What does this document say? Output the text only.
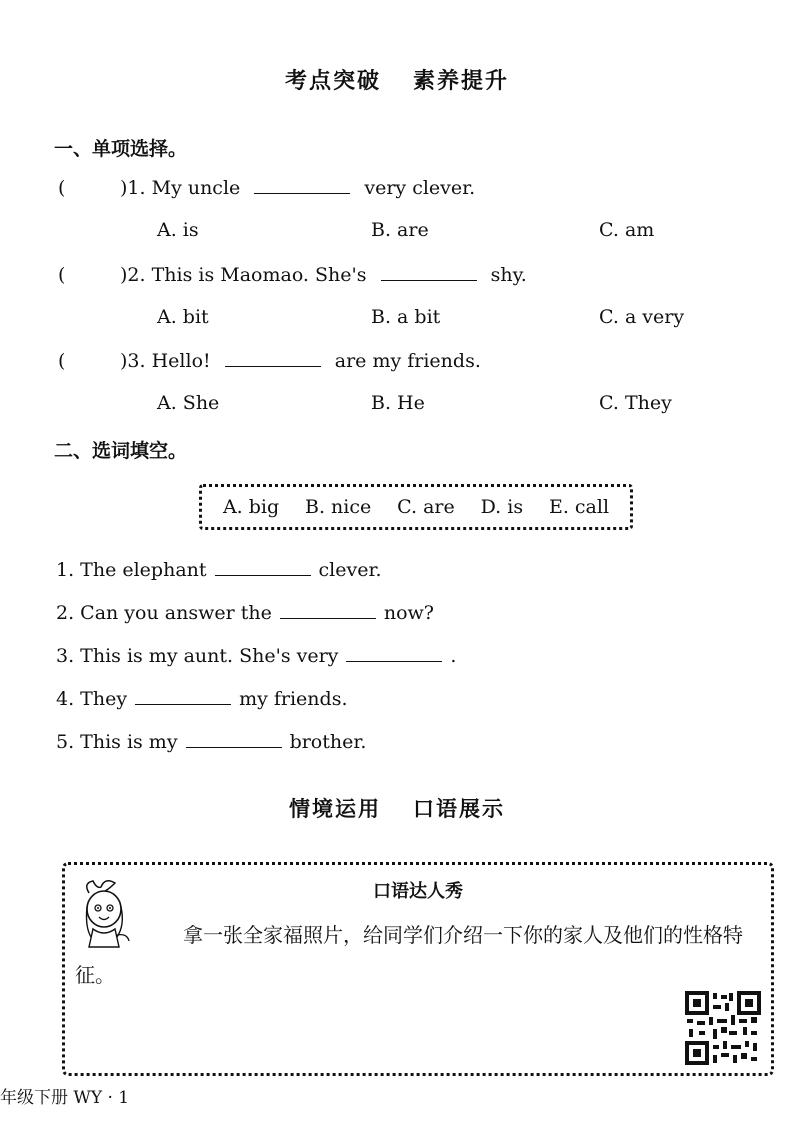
考点突破 素养提升
一、单项选择。
(	)1. My uncle	very clever.
A. is	B. are	C. am
(	)2. This is Maomao. She's	shy.
A. bit	B. a bit	C. a very
(	)3. Hello!	are my friends.
A. She	B. He	C. They
二、选词填空。
A. big B. nice C. are D. is E. call
1. The elephant	clever.
2. Can you answer the	now?
3. This is my aunt. She's very	.
4. They	my friends.
5. This is my	brother.
情境运用 口语展示
口语达人秀
拿一张全家福照片，给同学们介绍一下你的家人及他们的性格特征。
年级下册 WY · 1
